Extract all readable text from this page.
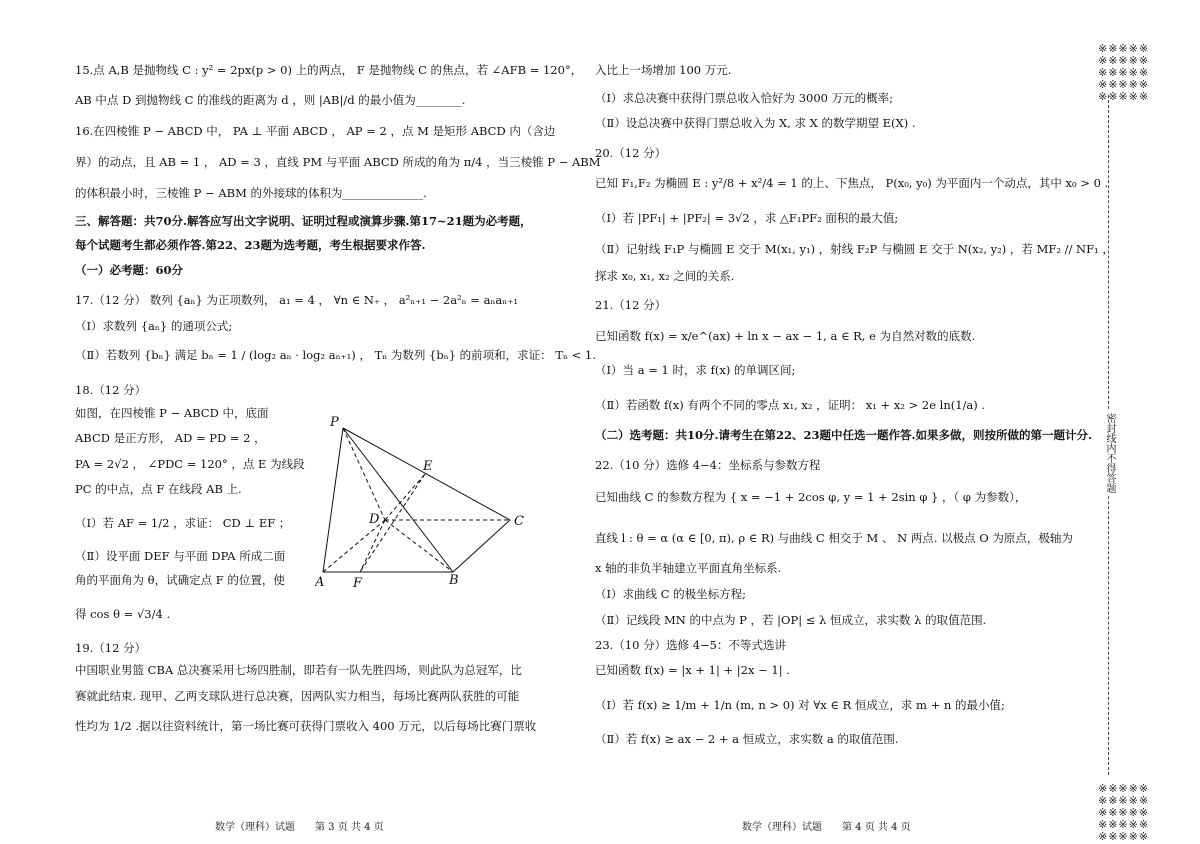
15.点 A,B 是抛物线 C : y² = 2px(p > 0) 上的两点， F 是抛物线 C 的焦点，若 ∠AFB = 120°，
AB 中点 D 到抛物线 C 的准线的距离为 d ，则 |AB|/d 的最小值为________.
16.在四棱锥 P − ABCD 中， PA ⊥ 平面 ABCD ， AP = 2 ，点 M 是矩形 ABCD 内（含边
界）的动点，且 AB = 1 ， AD = 3 ，直线 PM 与平面 ABCD 所成的角为 π/4 ，当三棱锥 P − ABM
的体积最小时，三棱锥 P − ABM 的外接球的体积为______________.
三、解答题：共70分.解答应写出文字说明、证明过程或演算步骤.第17~21题为必考题，
每个试题考生都必须作答.第22、23题为选考题，考生根据要求作答.
（一）必考题：60分
17.（12 分） 数列 {aₙ} 为正项数列， a₁ = 4 ， ∀n ∈ N₊ ， a²ₙ₊₁ − 2a²ₙ = aₙaₙ₊₁
（Ⅰ）求数列 {aₙ} 的通项公式;
（Ⅱ）若数列 {bₙ} 满足 bₙ = 1 / (log₂ aₙ · log₂ aₙ₊₁) ， Tₙ 为数列 {bₙ} 的前项和，求证： Tₙ < 1.
18.（12 分）
如图，在四棱锥 P − ABCD 中，底面
ABCD 是正方形， AD = PD = 2 ，
PA = 2√2 ， ∠PDC = 120° ，点 E 为线段
PC 的中点，点 F 在线段 AB 上.
（Ⅰ）若 AF = 1/2 ，求证： CD ⊥ EF ；
（Ⅱ）设平面 DEF 与平面 DPA 所成二面
角的平面角为 θ，试确定点 F 的位置，使
得 cos θ = √3/4 .
19.（12 分）
中国职业男篮 CBA 总决赛采用七场四胜制，即若有一队先胜四场，则此队为总冠军，比
赛就此结束. 现甲、乙两支球队进行总决赛，因两队实力相当，每场比赛两队获胜的可能
性均为 1/2 .据以往资料统计，第一场比赛可获得门票收入 400 万元，以后每场比赛门票收
入比上一场增加 100 万元.
（Ⅰ）求总决赛中获得门票总收入恰好为 3000 万元的概率;
（Ⅱ）设总决赛中获得门票总收入为 X, 求 X 的数学期望 E(X) .
20.（12 分）
已知 F₁,F₂ 为椭圆 E : y²/8 + x²/4 = 1 的上、下焦点， P(x₀, y₀) 为平面内一个动点，其中 x₀ > 0 .
（Ⅰ）若 |PF₁| + |PF₂| = 3√2 ，求 △F₁PF₂ 面积的最大值;
（Ⅱ）记射线 F₁P 与椭圆 E 交于 M(x₁, y₁) ，射线 F₂P 与椭圆 E 交于 N(x₂, y₂) ，若 MF₂ // NF₁ ，
探求 x₀, x₁, x₂ 之间的关系.
21.（12 分）
已知函数 f(x) = x/e^(ax) + ln x − ax − 1, a ∈ R, e 为自然对数的底数.
（Ⅰ）当 a = 1 时，求 f(x) 的单调区间;
（Ⅱ）若函数 f(x) 有两个不同的零点 x₁, x₂ ，证明： x₁ + x₂ > 2e ln(1/a) .
（二）选考题：共10分.请考生在第22、23题中任选一题作答.如果多做，则按所做的第一题计分.
22.（10 分）选修 4−4：坐标系与参数方程
已知曲线 C 的参数方程为 { x = −1 + 2cos φ, y = 1 + 2sin φ } ，（ φ 为参数），
直线 l : θ = α (α ∈ [0, π), ρ ∈ R) 与曲线 C 相交于 M 、 N 两点. 以极点 O 为原点，极轴为
x 轴的非负半轴建立平面直角坐标系.
（Ⅰ）求曲线 C 的极坐标方程;
（Ⅱ）记线段 MN 的中点为 P ，若 |OP| ≤ λ 恒成立，求实数 λ 的取值范围.
23.（10 分）选修 4−5：不等式选讲
已知函数 f(x) = |x + 1| + |2x − 1| .
（Ⅰ）若 f(x) ≥ 1/m + 1/n (m, n > 0) 对 ∀x ∈ R 恒成立，求 m + n 的最小值;
（Ⅱ）若 f(x) ≥ ax − 2 + a 恒成立，求实数 a 的取值范围.
P
E
D	C
A F	B
数学（理科）试题　　第 3 页 共 4 页	数学（理科）试题　　第 4 页 共 4 页
※※※※※
※※※※※
※※※※※
※※※※※
※※※※※
※※※※※
※※※※※
※※※※※
※※※※※
※※※※※
密封线内不得答题
